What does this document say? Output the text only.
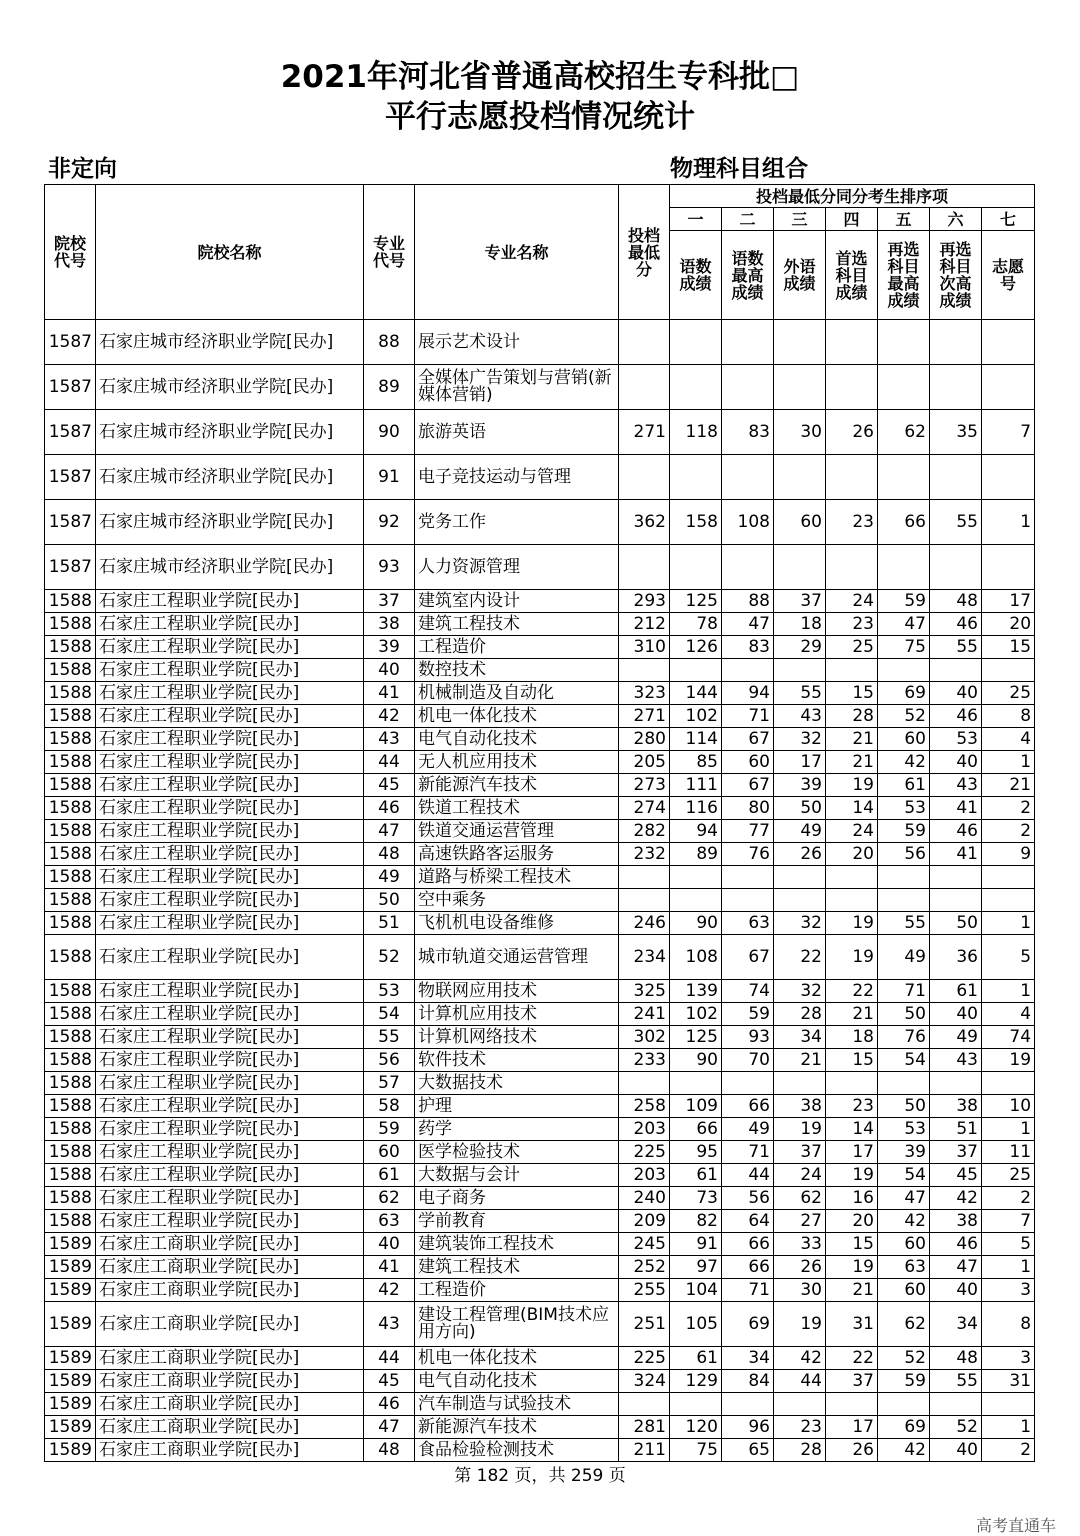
2021年河北省普通高校招生专科批□
平行志愿投档情况统计
非定向	物理科目组合
院校代号	院校名称	专业代号	专业名称	投档最低分	投档最低分同分考生排序项						
					一	二	三	四	五	六	七
					语数成绩	语数最高成绩	外语成绩	首选科目成绩	再选科目最高成绩	再选科目次高成绩	志愿号
1587	石家庄城市经济职业学院[民办]	88	展示艺术设计								
1587	石家庄城市经济职业学院[民办]	89	全媒体广告策划与营销(新媒体营销)								
1587	石家庄城市经济职业学院[民办]	90	旅游英语	271	118	83	30	26	62	35	7
1587	石家庄城市经济职业学院[民办]	91	电子竞技运动与管理								
1587	石家庄城市经济职业学院[民办]	92	党务工作	362	158	108	60	23	66	55	1
1587	石家庄城市经济职业学院[民办]	93	人力资源管理								
1588	石家庄工程职业学院[民办]	37	建筑室内设计	293	125	88	37	24	59	48	17
1588	石家庄工程职业学院[民办]	38	建筑工程技术	212	78	47	18	23	47	46	20
1588	石家庄工程职业学院[民办]	39	工程造价	310	126	83	29	25	75	55	15
1588	石家庄工程职业学院[民办]	40	数控技术								
1588	石家庄工程职业学院[民办]	41	机械制造及自动化	323	144	94	55	15	69	40	25
1588	石家庄工程职业学院[民办]	42	机电一体化技术	271	102	71	43	28	52	46	8
1588	石家庄工程职业学院[民办]	43	电气自动化技术	280	114	67	32	21	60	53	4
1588	石家庄工程职业学院[民办]	44	无人机应用技术	205	85	60	17	21	42	40	1
1588	石家庄工程职业学院[民办]	45	新能源汽车技术	273	111	67	39	19	61	43	21
1588	石家庄工程职业学院[民办]	46	铁道工程技术	274	116	80	50	14	53	41	2
1588	石家庄工程职业学院[民办]	47	铁道交通运营管理	282	94	77	49	24	59	46	2
1588	石家庄工程职业学院[民办]	48	高速铁路客运服务	232	89	76	26	20	56	41	9
1588	石家庄工程职业学院[民办]	49	道路与桥梁工程技术								
1588	石家庄工程职业学院[民办]	50	空中乘务								
1588	石家庄工程职业学院[民办]	51	飞机机电设备维修	246	90	63	32	19	55	50	1
1588	石家庄工程职业学院[民办]	52	城市轨道交通运营管理	234	108	67	22	19	49	36	5
1588	石家庄工程职业学院[民办]	53	物联网应用技术	325	139	74	32	22	71	61	1
1588	石家庄工程职业学院[民办]	54	计算机应用技术	241	102	59	28	21	50	40	4
1588	石家庄工程职业学院[民办]	55	计算机网络技术	302	125	93	34	18	76	49	74
1588	石家庄工程职业学院[民办]	56	软件技术	233	90	70	21	15	54	43	19
1588	石家庄工程职业学院[民办]	57	大数据技术								
1588	石家庄工程职业学院[民办]	58	护理	258	109	66	38	23	50	38	10
1588	石家庄工程职业学院[民办]	59	药学	203	66	49	19	14	53	51	1
1588	石家庄工程职业学院[民办]	60	医学检验技术	225	95	71	37	17	39	37	11
1588	石家庄工程职业学院[民办]	61	大数据与会计	203	61	44	24	19	54	45	25
1588	石家庄工程职业学院[民办]	62	电子商务	240	73	56	62	16	47	42	2
1588	石家庄工程职业学院[民办]	63	学前教育	209	82	64	27	20	42	38	7
1589	石家庄工商职业学院[民办]	40	建筑装饰工程技术	245	91	66	33	15	60	46	5
1589	石家庄工商职业学院[民办]	41	建筑工程技术	252	97	66	26	19	63	47	1
1589	石家庄工商职业学院[民办]	42	工程造价	255	104	71	30	21	60	40	3
1589	石家庄工商职业学院[民办]	43	建设工程管理(BIM技术应用方向)	251	105	69	19	31	62	34	8
1589	石家庄工商职业学院[民办]	44	机电一体化技术	225	61	34	42	22	52	48	3
1589	石家庄工商职业学院[民办]	45	电气自动化技术	324	129	84	44	37	59	55	31
1589	石家庄工商职业学院[民办]	46	汽车制造与试验技术								
1589	石家庄工商职业学院[民办]	47	新能源汽车技术	281	120	96	23	17	69	52	1
1589	石家庄工商职业学院[民办]	48	食品检验检测技术	211	75	65	28	26	42	40	2
第 182 页，共 259 页
高考直通车
